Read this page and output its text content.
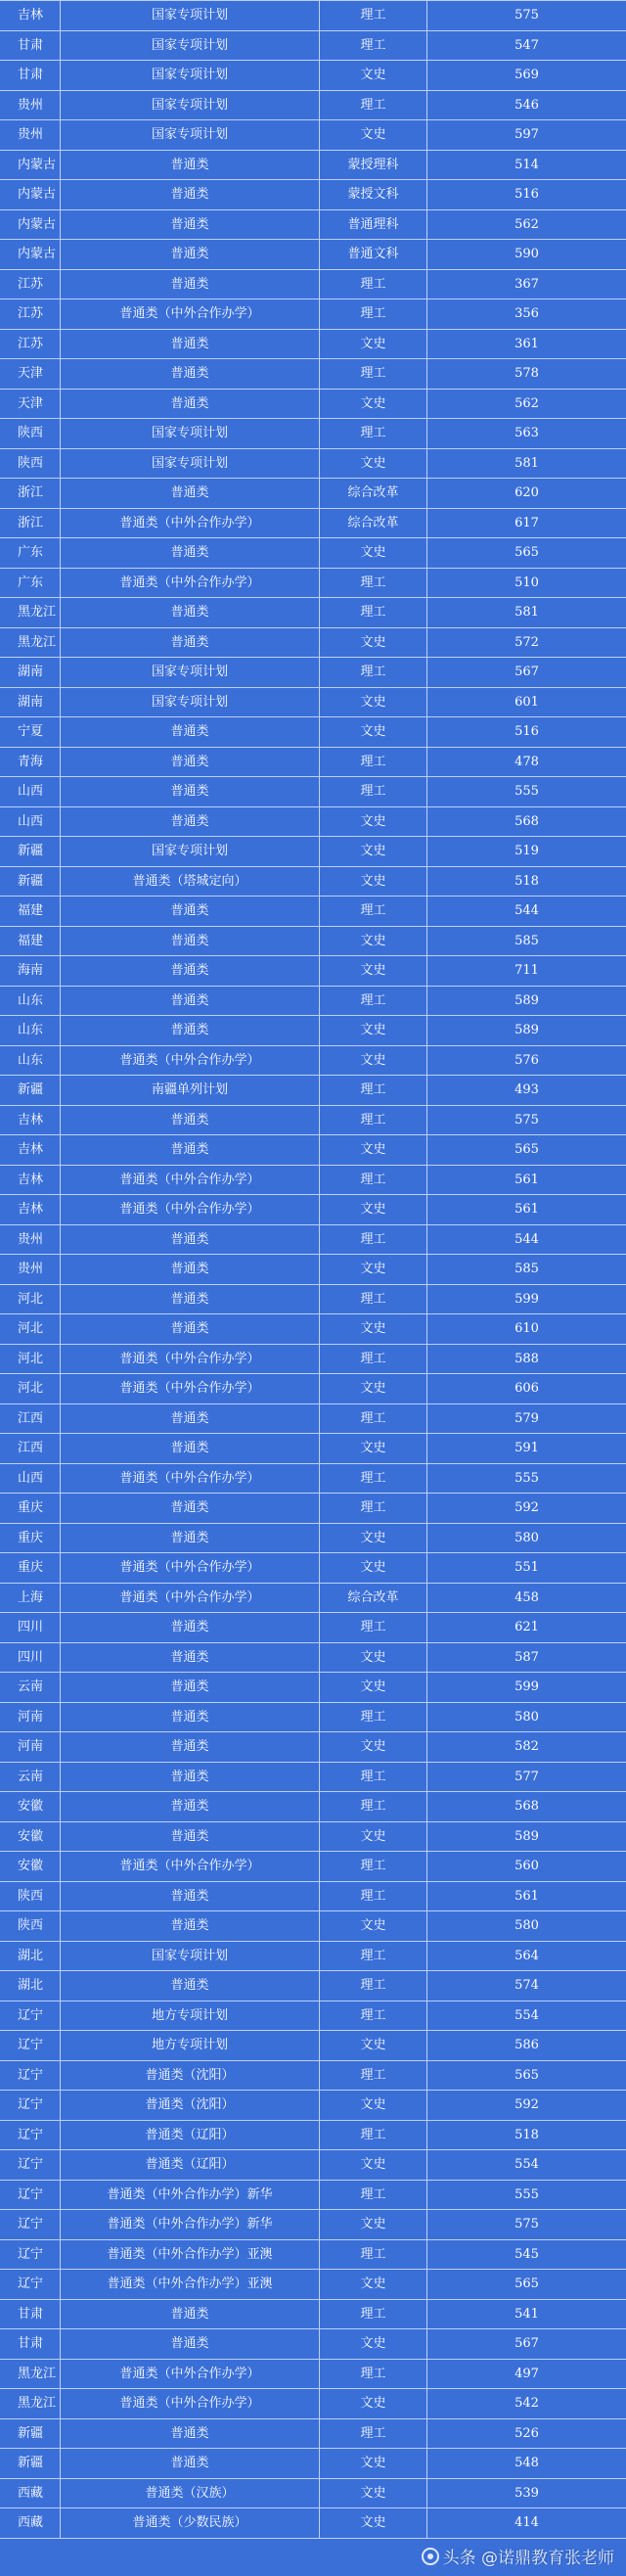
吉林	国家专项计划	理工	575
甘肃	国家专项计划	理工	547
甘肃	国家专项计划	文史	569
贵州	国家专项计划	理工	546
贵州	国家专项计划	文史	597
内蒙古	普通类	蒙授理科	514
内蒙古	普通类	蒙授文科	516
内蒙古	普通类	普通理科	562
内蒙古	普通类	普通文科	590
江苏	普通类	理工	367
江苏	普通类（中外合作办学）	理工	356
江苏	普通类	文史	361
天津	普通类	理工	578
天津	普通类	文史	562
陕西	国家专项计划	理工	563
陕西	国家专项计划	文史	581
浙江	普通类	综合改革	620
浙江	普通类（中外合作办学）	综合改革	617
广东	普通类	文史	565
广东	普通类（中外合作办学）	理工	510
黑龙江	普通类	理工	581
黑龙江	普通类	文史	572
湖南	国家专项计划	理工	567
湖南	国家专项计划	文史	601
宁夏	普通类	文史	516
青海	普通类	理工	478
山西	普通类	理工	555
山西	普通类	文史	568
新疆	国家专项计划	文史	519
新疆	普通类（塔城定向）	文史	518
福建	普通类	理工	544
福建	普通类	文史	585
海南	普通类	文史	711
山东	普通类	理工	589
山东	普通类	文史	589
山东	普通类（中外合作办学）	文史	576
新疆	南疆单列计划	理工	493
吉林	普通类	理工	575
吉林	普通类	文史	565
吉林	普通类（中外合作办学）	理工	561
吉林	普通类（中外合作办学）	文史	561
贵州	普通类	理工	544
贵州	普通类	文史	585
河北	普通类	理工	599
河北	普通类	文史	610
河北	普通类（中外合作办学）	理工	588
河北	普通类（中外合作办学）	文史	606
江西	普通类	理工	579
江西	普通类	文史	591
山西	普通类（中外合作办学）	理工	555
重庆	普通类	理工	592
重庆	普通类	文史	580
重庆	普通类（中外合作办学）	文史	551
上海	普通类（中外合作办学）	综合改革	458
四川	普通类	理工	621
四川	普通类	文史	587
云南	普通类	文史	599
河南	普通类	理工	580
河南	普通类	文史	582
云南	普通类	理工	577
安徽	普通类	理工	568
安徽	普通类	文史	589
安徽	普通类（中外合作办学）	理工	560
陕西	普通类	理工	561
陕西	普通类	文史	580
湖北	国家专项计划	理工	564
湖北	普通类	理工	574
辽宁	地方专项计划	理工	554
辽宁	地方专项计划	文史	586
辽宁	普通类（沈阳）	理工	565
辽宁	普通类（沈阳）	文史	592
辽宁	普通类（辽阳）	理工	518
辽宁	普通类（辽阳）	文史	554
辽宁	普通类（中外合作办学）新华	理工	555
辽宁	普通类（中外合作办学）新华	文史	575
辽宁	普通类（中外合作办学）亚澳	理工	545
辽宁	普通类（中外合作办学）亚澳	文史	565
甘肃	普通类	理工	541
甘肃	普通类	文史	567
黑龙江	普通类（中外合作办学）	理工	497
黑龙江	普通类（中外合作办学）	文史	542
新疆	普通类	理工	526
新疆	普通类	文史	548
西藏	普通类（汉族）	文史	539
西藏	普通类（少数民族）	文史	414
头条 @诺鼎教育张老师
